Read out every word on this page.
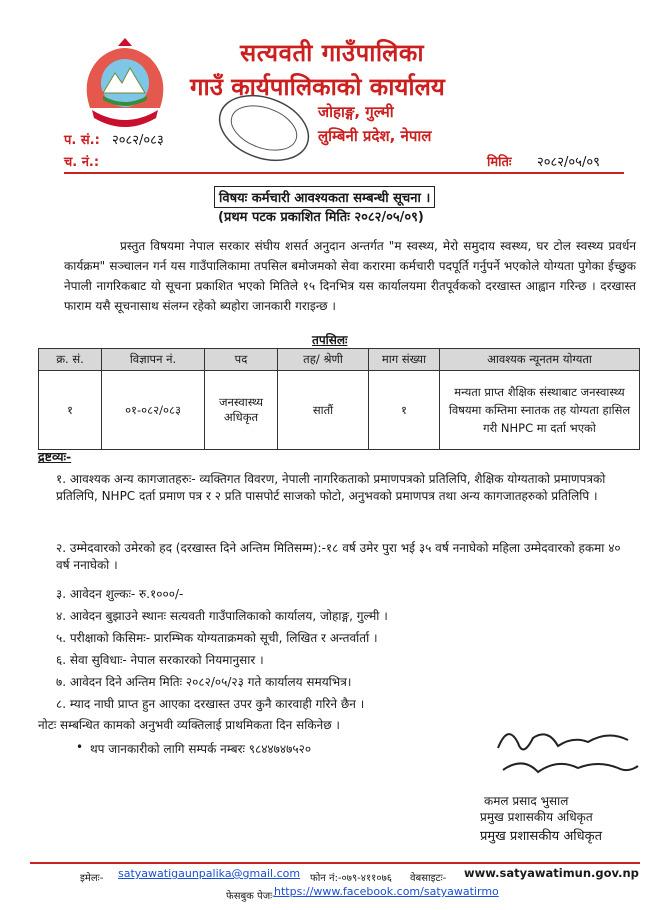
सत्यवती गाउँपालिका
गाउँ कार्यपालिकाको कार्यालय
जोहाङ्ग, गुल्मी
लुम्बिनी प्रदेश, नेपाल
प. सं.: २०८२/०८३
च. नं.:	मितिः २०८२/०५/०९
विषयः कर्मचारी आवश्यकता सम्बन्धी सूचना ।
(प्रथम पटक प्रकाशित मितिः २०८२/०५/०९)
प्रस्तुत विषयमा नेपाल सरकार संघीय शसर्त अनुदान अन्तर्गत "म स्वस्थ्य, मेरो समुदाय स्वस्थ्य, घर टोल स्वस्थ्य प्रवर्धन कार्यक्रम" सञ्चालन गर्न यस गाउँपालिकामा तपसिल बमोजमको सेवा करारमा कर्मचारी पदपूर्ति गर्नुपर्ने भएकोले योग्यता पुगेका ईच्छुक नेपाली नागरिकबाट यो सूचना प्रकाशित भएको मितिले १५ दिनभित्र यस कार्यालयमा रीतपूर्वकको दरखास्त आह्वान गरिन्छ । दरखास्त फाराम यसै सूचनासाथ संलग्न रहेको ब्यहोरा जानकारी गराइन्छ ।
तपसिलः
क्र. सं.	विज्ञापन नं.	पद	तह/ श्रेणी	माग संख्या	आवश्यक न्यूनतम योग्यता
१	०१-०८२/०८३	जनस्वास्थ्य अधिकृत	सातौं	१	मन्यता प्राप्त शैक्षिक संस्थाबाट जनस्वास्थ्य विषयमा कम्तिमा स्नातक तह योग्यता हासिल गरी NHPC मा दर्ता भएको
द्रष्टव्यः-
१. आवश्यक अन्य कागजातहरुः- व्यक्तिगत विवरण, नेपाली नागरिकताको प्रमाणपत्रको प्रतिलिपि, शैक्षिक योग्यताको प्रमाणपत्रको प्रतिलिपि, NHPC दर्ता प्रमाण पत्र र २ प्रति पासपोर्ट साजको फोटो, अनुभवको प्रमाणपत्र तथा अन्य कागजातहरुको प्रतिलिपि ।
२. उम्मेदवारको उमेरको हद (दरखास्त दिने अन्तिम मितिसम्म):-१८ वर्ष उमेर पुरा भई ३५ वर्ष ननाघेको महिला उम्मेदवारको हकमा ४० वर्ष ननाघेको ।
३. आवेदन शुल्कः- रु.१०००/-
४. आवेदन बुझाउने स्थानः सत्यवती गाउँपालिकाको कार्यालय, जोहाङ्ग, गुल्मी ।
५. परीक्षाको किसिमः- प्रारम्भिक योग्यताक्रमको सूची, लिखित र अन्तर्वार्ता ।
६. सेवा सुविधाः- नेपाल सरकारको नियमानुसार ।
७. आवेदन दिने अन्तिम मितिः २०८२/०५/२३ गते कार्यालय समयभित्र।
८. म्याद नाघी प्राप्त हुन आएका दरखास्त उपर कुनै कारवाही गरिने छैन ।
नोटः सम्बन्धित कामको अनुभवी व्यक्तिलाई प्राथमिकता दिन सकिनेछ ।
• थप जानकारीको लागि सम्पर्क नम्बरः ९८४४७४७५२०
कमल प्रसाद भुसाल
प्रमुख प्रशासकीय अधिकृत
प्रमुख प्रशासकीय अधिकृत
इमेलः- satyawatigaunpalika@gmail.com फोन नं:-०७९-४११०७६ वेबसाइटः- www.satyawatimun.gov.np
फेसबुक पेजः-
https://www.facebook.com/satyawatirmo
